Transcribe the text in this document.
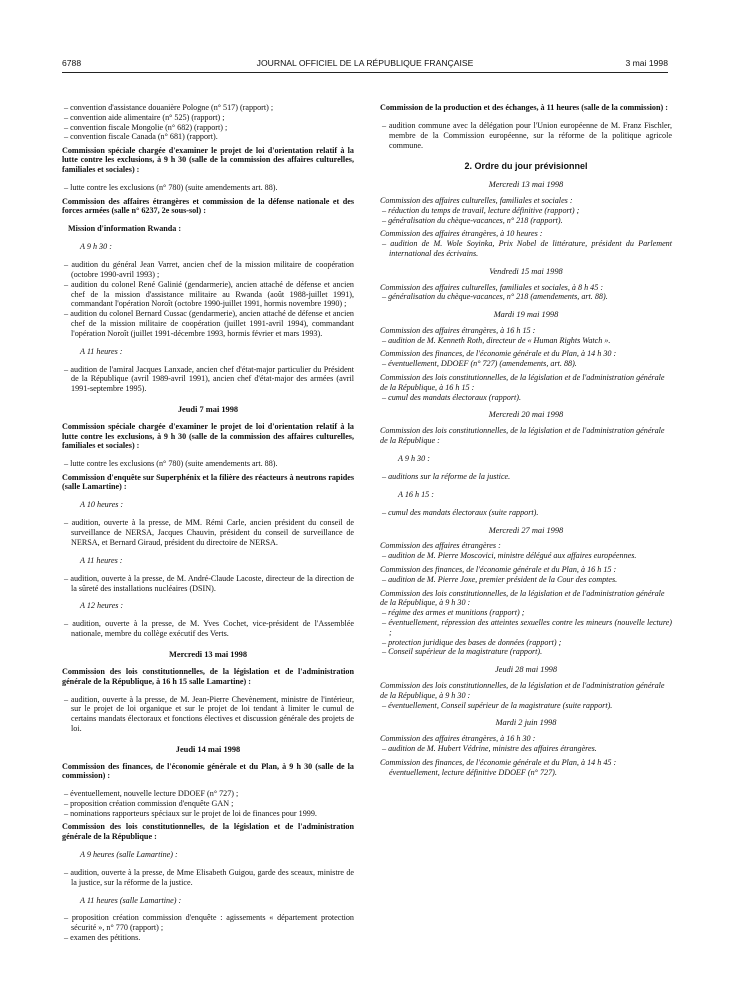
6788	JOURNAL OFFICIEL DE LA RÉPUBLIQUE FRANÇAISE	3 mai 1998

– convention d'assistance douanière Pologne (n° 517) (rapport) ;

– convention aide alimentaire (n° 525) (rapport) ;

– convention fiscale Mongolie (n° 682) (rapport) ;

– convention fiscale Canada (n° 681) (rapport).

Commission spéciale chargée d'examiner le projet de loi d'orientation relatif à la lutte contre les exclusions, à 9 h 30 (salle de la commission des affaires culturelles, familiales et sociales) :

– lutte contre les exclusions (n° 780) (suite amendements art. 88).

Commission des affaires étrangères et commission de la défense nationale et des forces armées (salle n° 6237, 2e sous-sol) :

Mission d'information Rwanda :

A 9 h 30 :

– audition du général Jean Varret, ancien chef de la mission militaire de coopération (octobre 1990-avril 1993) ;

– audition du colonel René Galinié (gendarmerie), ancien attaché de défense et ancien chef de la mission d'assistance militaire au Rwanda (août 1988-juillet 1991), commandant l'opération Noroît (octobre 1990-juillet 1991, hormis novembre 1990) ;

– audition du colonel Bernard Cussac (gendarmerie), ancien attaché de défense et ancien chef de la mission militaire de coopération (juillet 1991-avril 1994), commandant l'opération Noroît (juillet 1991-décembre 1993, hormis février et mars 1993).

A 11 heures :

– audition de l'amiral Jacques Lanxade, ancien chef d'état-major particulier du Président de la République (avril 1989-avril 1991), ancien chef d'état-major des armées (avril 1991-septembre 1995).

Jeudi 7 mai 1998

Commission spéciale chargée d'examiner le projet de loi d'orientation relatif à la lutte contre les exclusions, à 9 h 30 (salle de la commission des affaires culturelles, familiales et sociales) :

– lutte contre les exclusions (n° 780) (suite amendements art. 88).

Commission d'enquête sur Superphénix et la filière des réacteurs à neutrons rapides (salle Lamartine) :

A 10 heures :

– audition, ouverte à la presse, de MM. Rémi Carle, ancien président du conseil de surveillance de NERSA, Jacques Chauvin, président du conseil de surveillance de NERSA, et Bernard Giraud, président du directoire de NERSA.

A 11 heures :

– audition, ouverte à la presse, de M. André-Claude Lacoste, directeur de la direction de la sûreté des installations nucléaires (DSIN).

A 12 heures :

– audition, ouverte à la presse, de M. Yves Cochet, vice-président de l'Assemblée nationale, membre du collège exécutif des Verts.

Mercredi 13 mai 1998

Commission des lois constitutionnelles, de la législation et de l'administration générale de la République, à 16 h 15 salle Lamartine) :

– audition, ouverte à la presse, de M. Jean-Pierre Chevènement, ministre de l'intérieur, sur le projet de loi organique et sur le projet de loi tendant à limiter le cumul de certains mandats électoraux et fonctions électives et discussion générale des projets de loi.

Jeudi 14 mai 1998

Commission des finances, de l'économie générale et du Plan, à 9 h 30 (salle de la commission) :

– éventuellement, nouvelle lecture DDOEF (n° 727) ;

– proposition création commission d'enquête GAN ;

– nominations rapporteurs spéciaux sur le projet de loi de finances pour 1999.

Commission des lois constitutionnelles, de la législation et de l'administration générale de la République :

A 9 heures (salle Lamartine) :

– audition, ouverte à la presse, de Mme Elisabeth Guigou, garde des sceaux, ministre de la justice, sur la réforme de la justice.

A 11 heures (salle Lamartine) :

– proposition création commission d'enquête : agissements « département protection sécurité », n° 770 (rapport) ;

– examen des pétitions.

Commission de la production et des échanges, à 11 heures (salle de la commission) :

– audition commune avec la délégation pour l'Union européenne de M. Franz Fischler, membre de la Commission européenne, sur la réforme de la politique agricole commune.

2. Ordre du jour prévisionnel

Mercredi 13 mai 1998

Commission des affaires culturelles, familiales et sociales :

– réduction du temps de travail, lecture définitive (rapport) ;

– généralisation du chèque-vacances, n° 218 (rapport).

Commission des affaires étrangères, à 10 heures :

– audition de M. Wole Soyinka, Prix Nobel de littérature, président du Parlement international des écrivains.

Vendredi 15 mai 1998

Commission des affaires culturelles, familiales et sociales, à 8 h 45 :

– généralisation du chèque-vacances, n° 218 (amendements, art. 88).

Mardi 19 mai 1998

Commission des affaires étrangères, à 16 h 15 :

– audition de M. Kenneth Roth, directeur de « Human Rights Watch ».

Commission des finances, de l'économie générale et du Plan, à 14 h 30 :

– éventuellement, DDOEF (n° 727) (amendements, art. 88).

Commission des lois constitutionnelles, de la législation et de l'administration générale de la République, à 16 h 15 :

– cumul des mandats électoraux (rapport).

Mercredi 20 mai 1998

Commission des lois constitutionnelles, de la législation et de l'administration générale de la République :

A 9 h 30 :

– auditions sur la réforme de la justice.

A 16 h 15 :

– cumul des mandats électoraux (suite rapport).

Mercredi 27 mai 1998

Commission des affaires étrangères :

– audition de M. Pierre Moscovici, ministre délégué aux affaires européennes.

Commission des finances, de l'économie générale et du Plan, à 16 h 15 :

– audition de M. Pierre Joxe, premier président de la Cour des comptes.

Commission des lois constitutionnelles, de la législation et de l'administration générale de la République, à 9 h 30 :

– régime des armes et munitions (rapport) ;

– éventuellement, répression des atteintes sexuelles contre les mineurs (nouvelle lecture) ;

– protection juridique des bases de données (rapport) ;

– Conseil supérieur de la magistrature (rapport).

Jeudi 28 mai 1998

Commission des lois constitutionnelles, de la législation et de l'administration générale de la République, à 9 h 30 :

– éventuellement, Conseil supérieur de la magistrature (suite rapport).

Mardi 2 juin 1998

Commission des affaires étrangères, à 16 h 30 :

– audition de M. Hubert Védrine, ministre des affaires étrangères.

Commission des finances, de l'économie générale et du Plan, à 14 h 45 :

éventuellement, lecture définitive DDOEF (n° 727).
